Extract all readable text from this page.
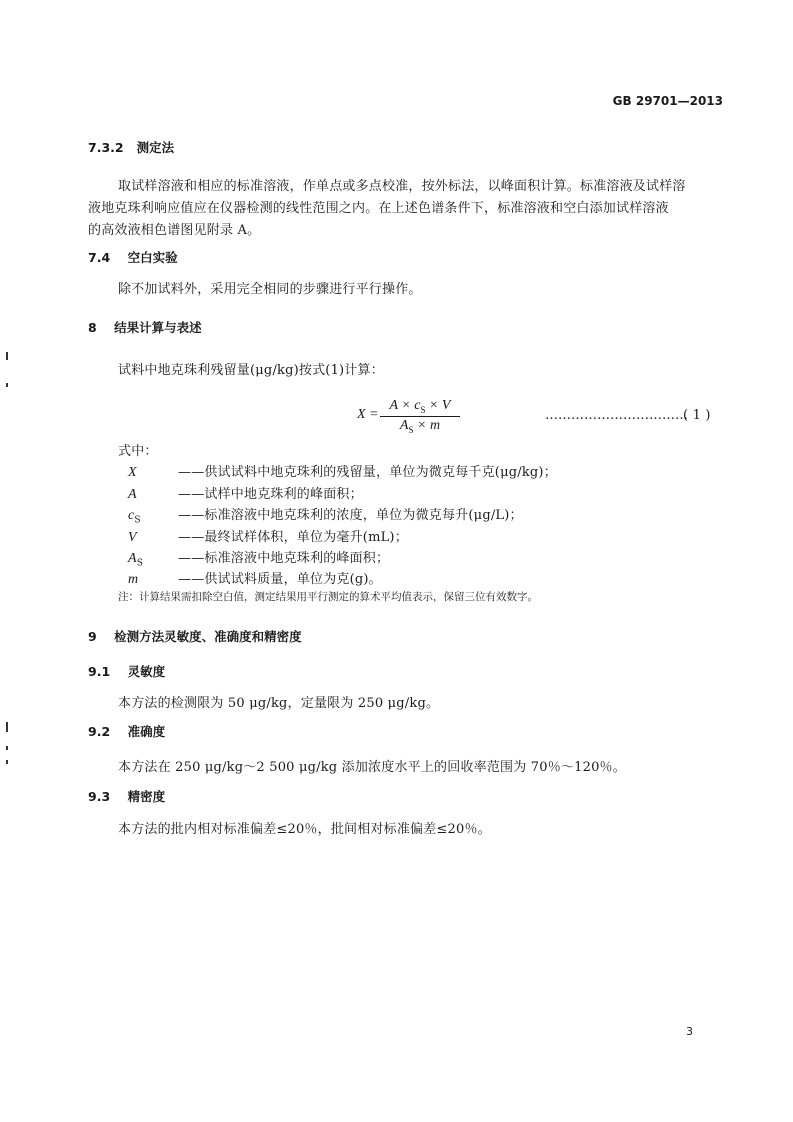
GB 29701—2013
7.3.2 测定法
取试样溶液和相应的标准溶液，作单点或多点校准，按外标法，以峰面积计算。标准溶液及试样溶
液地克珠利响应值应在仪器检测的线性范围之内。在上述色谱条件下，标准溶液和空白添加试样溶液
的高效液相色谱图见附录 A。
7.4 空白实验
除不加试料外，采用完全相同的步骤进行平行操作。
8 结果计算与表述
试料中地克珠利残留量(μg/kg)按式(1)计算：
X =
$A \times c_S \times V$
$A_S \times m$
……………………………
( 1 )
式中：
X	——供试试料中地克珠利的残留量，单位为微克每千克(μg/kg)；
A	——试样中地克珠利的峰面积；
$c_S$	——标准溶液中地克珠利的浓度，单位为微克每升(μg/L)；
V	——最终试样体积，单位为毫升(mL)；
$A_S$	——标准溶液中地克珠利的峰面积；
m	——供试试料质量，单位为克(g)。
注：计算结果需扣除空白值，测定结果用平行测定的算术平均值表示，保留三位有效数字。
9 检测方法灵敏度、准确度和精密度
9.1 灵敏度
本方法的检测限为 50 μg/kg，定量限为 250 μg/kg。
9.2 准确度
本方法在 250 μg/kg～2 500 μg/kg 添加浓度水平上的回收率范围为 70％～120％。
9.3 精密度
本方法的批内相对标准偏差≤20％，批间相对标准偏差≤20％。
3
